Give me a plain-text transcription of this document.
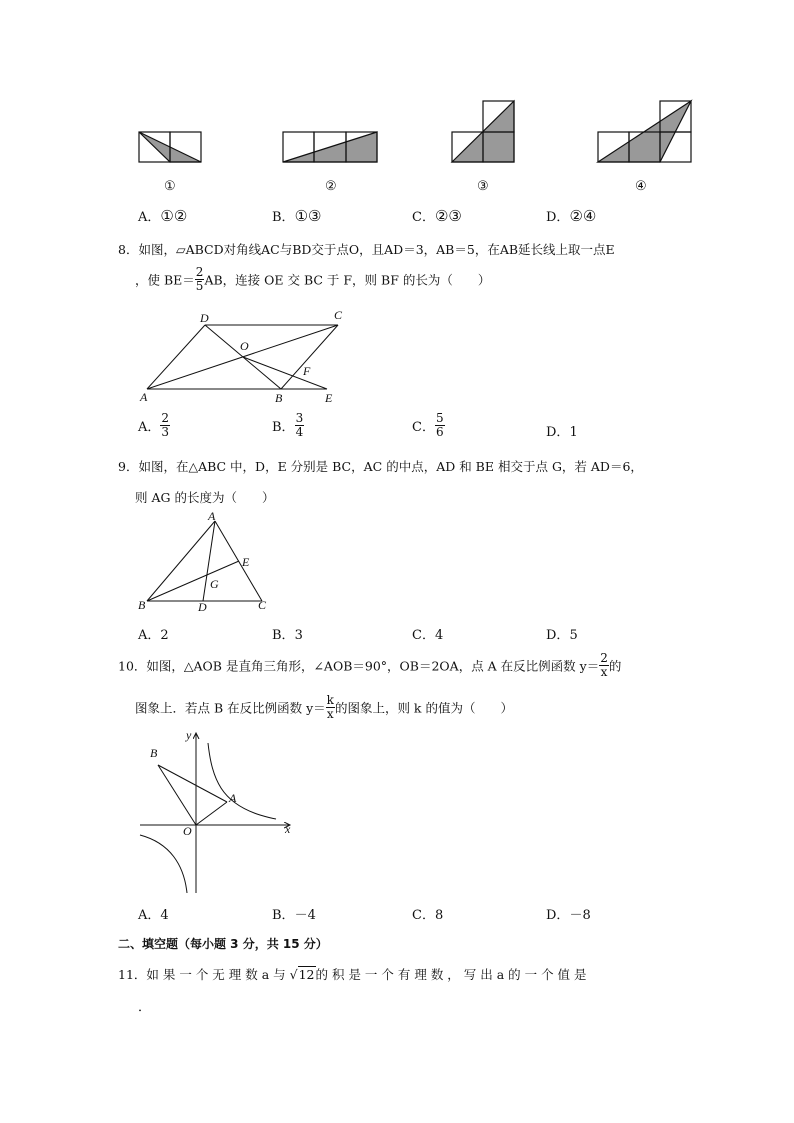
①	②	③	④
A．①②	B．①③	C．②③	D．②④
8．如图，▱ABCD对角线AC与BD交于点O，且AD＝3，AB＝5，在AB延长线上取一点E
，使 $BE= \frac{2}{5}$ AB，连接 OE 交 BC 于 F，则 BF 的长为（　　）
D	C
O
F
A	B	E
A． $\frac{2}{3}$	B． $\frac{3}{4}$	C． $\frac{5}{6}$	D．1
9．如图，在△ABC 中，D，E 分别是 BC，AC 的中点，AD 和 BE 相交于点 G，若 AD＝6，
则 AG 的长度为（　　）
A
E
G
B	D	C
A．2	B．3	C．4	D．5
10．如图，△AOB 是直角三角形，∠AOB＝90°，OB＝2OA，点 A 在反比例函数 $y= \frac{2}{x}$ 的
图象上．若点 B 在反比例函数 $y= \frac{k}{x}$ 的图象上，则 k 的值为（　　）
y
B
A
O	x
A．4	B．－4	C．8	D．－8
二、填空题（每小题 3 分，共 15 分）
11．如 果 一 个 无 理 数 a 与 √12的 积 是 一 个 有 理 数 ， 写 出 a 的 一 个 值 是
．
